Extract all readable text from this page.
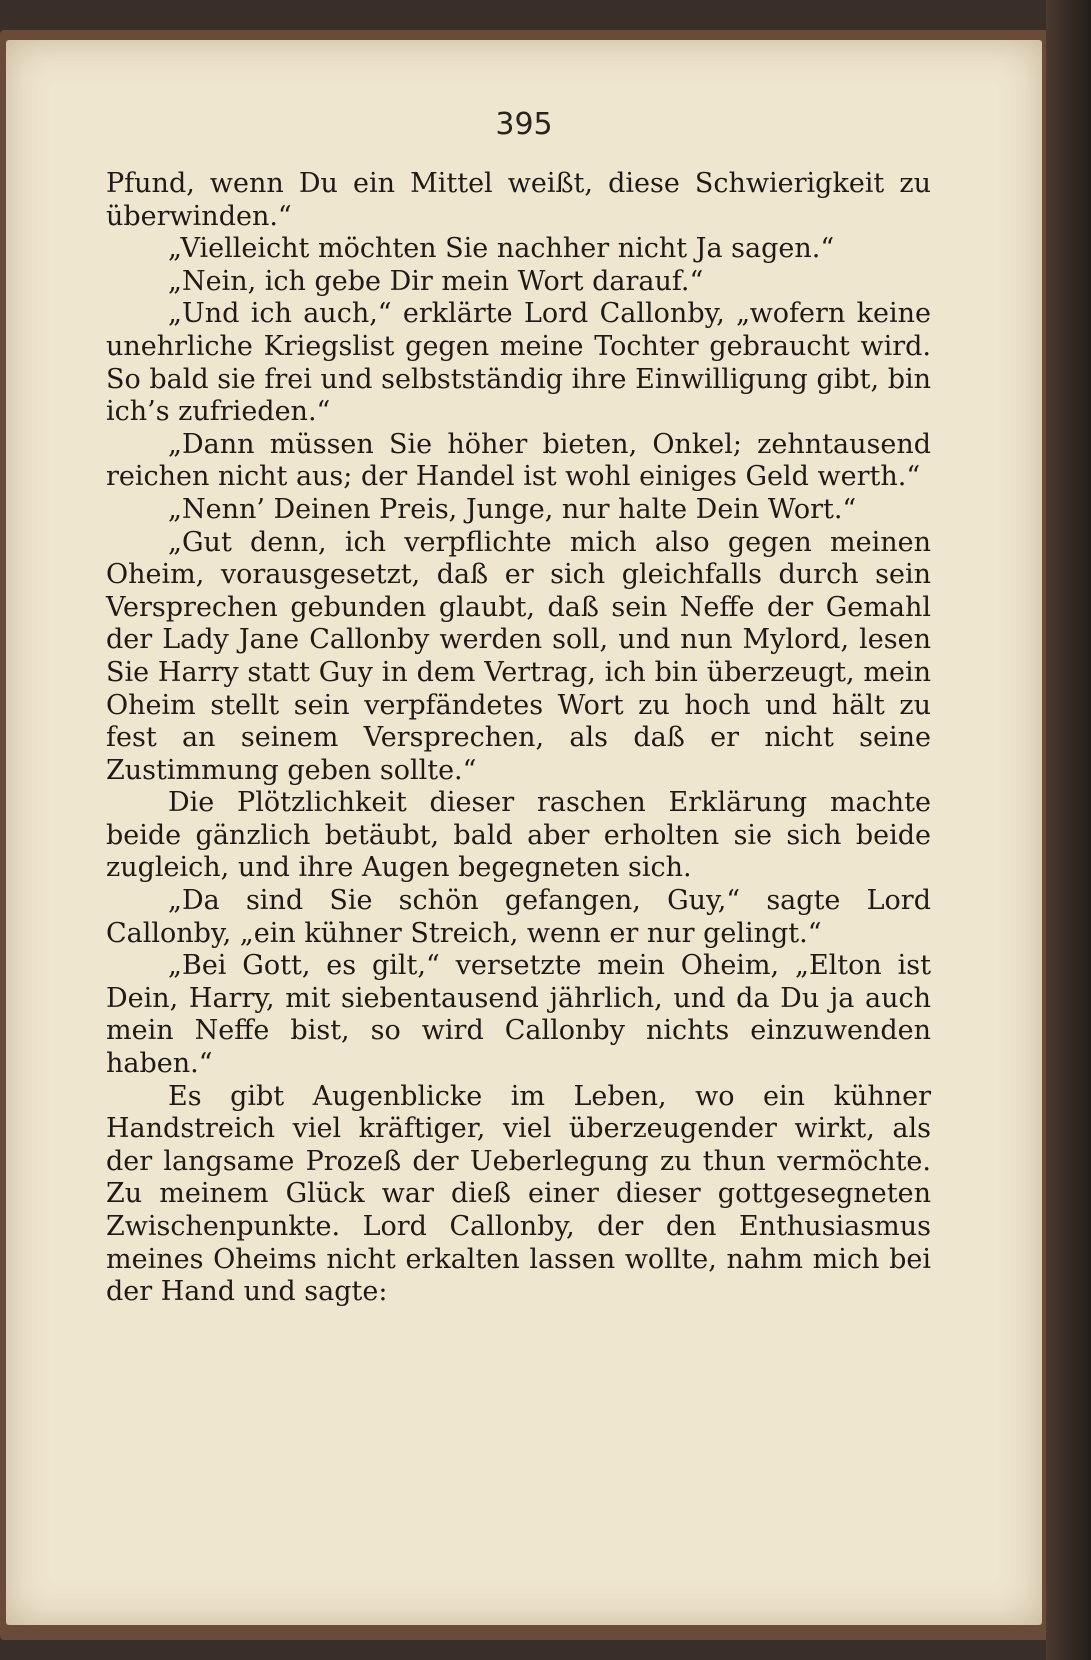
395

Pfund, wenn Du ein Mittel weißt, diese Schwierigkeit zu überwinden.“

„Vielleicht möchten Sie nachher nicht Ja sagen.“

„Nein, ich gebe Dir mein Wort darauf.“

„Und ich auch,“ erklärte Lord Callonby, „wofern keine unehrliche Kriegslist gegen meine Tochter gebraucht wird. So bald sie frei und selbstständig ihre Einwilligung gibt, bin ich’s zufrieden.“

„Dann müssen Sie höher bieten, Onkel; zehntausend reichen nicht aus; der Handel ist wohl einiges Geld werth.“

„Nenn’ Deinen Preis, Junge, nur halte Dein Wort.“

„Gut denn, ich verpflichte mich also gegen meinen Oheim, vorausgesetzt, daß er sich gleichfalls durch sein Versprechen gebunden glaubt, daß sein Neffe der Gemahl der Lady Jane Callonby werden soll, und nun Mylord, lesen Sie Harry statt Guy in dem Vertrag, ich bin überzeugt, mein Oheim stellt sein verpfändetes Wort zu hoch und hält zu fest an seinem Versprechen, als daß er nicht seine Zustimmung geben sollte.“

Die Plötzlichkeit dieser raschen Erklärung machte beide gänzlich betäubt, bald aber erholten sie sich beide zugleich, und ihre Augen begegneten sich.

„Da sind Sie schön gefangen, Guy,“ sagte Lord Callonby, „ein kühner Streich, wenn er nur gelingt.“

„Bei Gott, es gilt,“ versetzte mein Oheim, „Elton ist Dein, Harry, mit siebentausend jährlich, und da Du ja auch mein Neffe bist, so wird Callonby nichts einzuwenden haben.“

Es gibt Augenblicke im Leben, wo ein kühner Handstreich viel kräftiger, viel überzeugender wirkt, als der langsame Prozeß der Ueberlegung zu thun vermöchte. Zu meinem Glück war dieß einer dieser gottgesegneten Zwischenpunkte. Lord Callonby, der den Enthusiasmus meines Oheims nicht erkalten lassen wollte, nahm mich bei der Hand und sagte:
